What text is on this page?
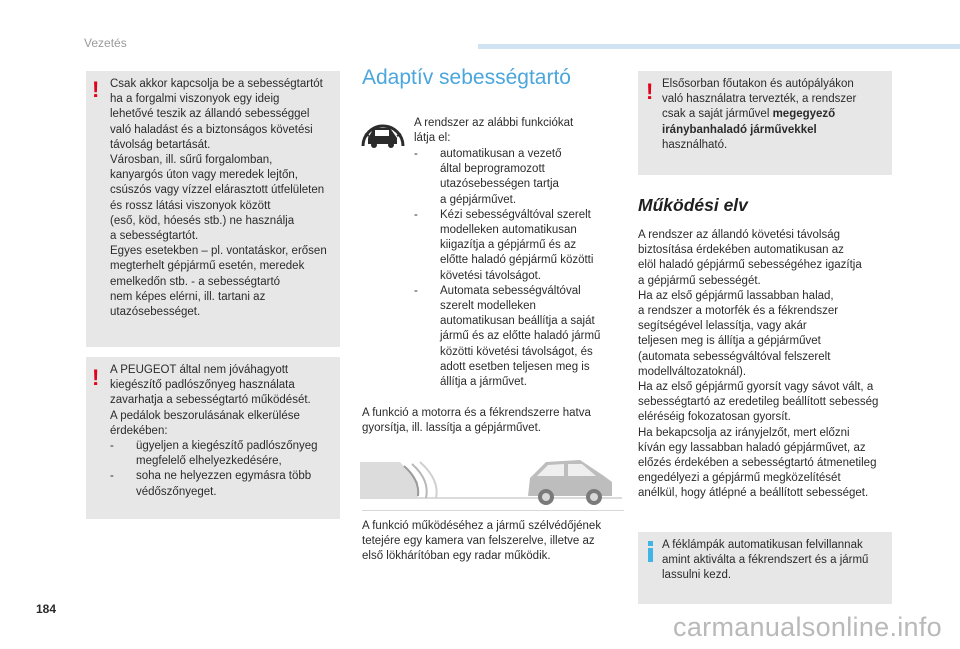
Vezetés
! Csak akkor kapcsolja be a sebességtartót
ha a forgalmi viszonyok egy ideig
lehetővé teszik az állandó sebességgel
való haladást és a biztonságos követési
távolság betartását.
Városban, ill. sűrű forgalomban,
kanyargós úton vagy meredek lejtőn,
csúszós vagy vízzel elárasztott útfelületen
és rossz látási viszonyok között
(eső, köd, hóesés stb.) ne használja
a sebességtartót.
Egyes esetekben – pl. vontatáskor, erősen
megterhelt gépjármű esetén, meredek
emelkedőn stb. - a sebességtartó
nem képes elérni, ill. tartani az
utazósebességet.
! A PEUGEOT által nem jóváhagyott
kiegészítő padlószőnyeg használata
zavarhatja a sebességtartó működését.
A pedálok beszorulásának elkerülése
érdekében:
- ügyeljen a kiegészítő padlószőnyeg
megfelelő elhelyezkedésére,
- soha ne helyezzen egymásra több
védőszőnyeget.
Adaptív sebességtartó
A rendszer az alábbi funkciókat
látja el:
- automatikusan a vezető
által beprogramozott
utazósebességen tartja
a gépjárművet.
- Kézi sebességváltóval szerelt
modelleken automatikusan
kiigazítja a gépjármű és az
előtte haladó gépjármű közötti
követési távolságot.
- Automata sebességváltóval
szerelt modelleken
automatikusan beállítja a saját
jármű és az előtte haladó jármű
közötti követési távolságot, és
adott esetben teljesen meg is
állítja a járművet.
A funkció a motorra és a fékrendszerre hatva
gyorsítja, ill. lassítja a gépjárművet.
A funkció működéséhez a jármű szélvédőjének
tetejére egy kamera van felszerelve, illetve az
első lökhárítóban egy radar működik.
! Elsősorban főutakon és autópályákon
való használatra tervezték, a rendszer
csak a saját járművel megegyező
iránybanhaladó járművekkel
használható.
Működési elv
A rendszer az állandó követési távolság
biztosítása érdekében automatikusan az
elöl haladó gépjármű sebességéhez igazítja
a gépjármű sebességét.
Ha az első gépjármű lassabban halad,
a rendszer a motorfék és a fékrendszer
segítségével lelassítja, vagy akár
teljesen meg is állítja a gépjárművet
(automata sebességváltóval felszerelt
modellváltozatoknál).
Ha az első gépjármű gyorsít vagy sávot vált, a
sebességtartó az eredetileg beállított sebesség
eléréséig fokozatosan gyorsít.
Ha bekapcsolja az irányjelzőt, mert előzni
kíván egy lassabban haladó gépjárművet, az
előzés érdekében a sebességtartó átmenetileg
engedélyezi a gépjármű megközelítését
anélkül, hogy átlépné a beállított sebességet.
A féklámpák automatikusan felvillannak
amint aktiválta a fékrendszert és a jármű
lassulni kezd.
184
carmanualsonline.info
